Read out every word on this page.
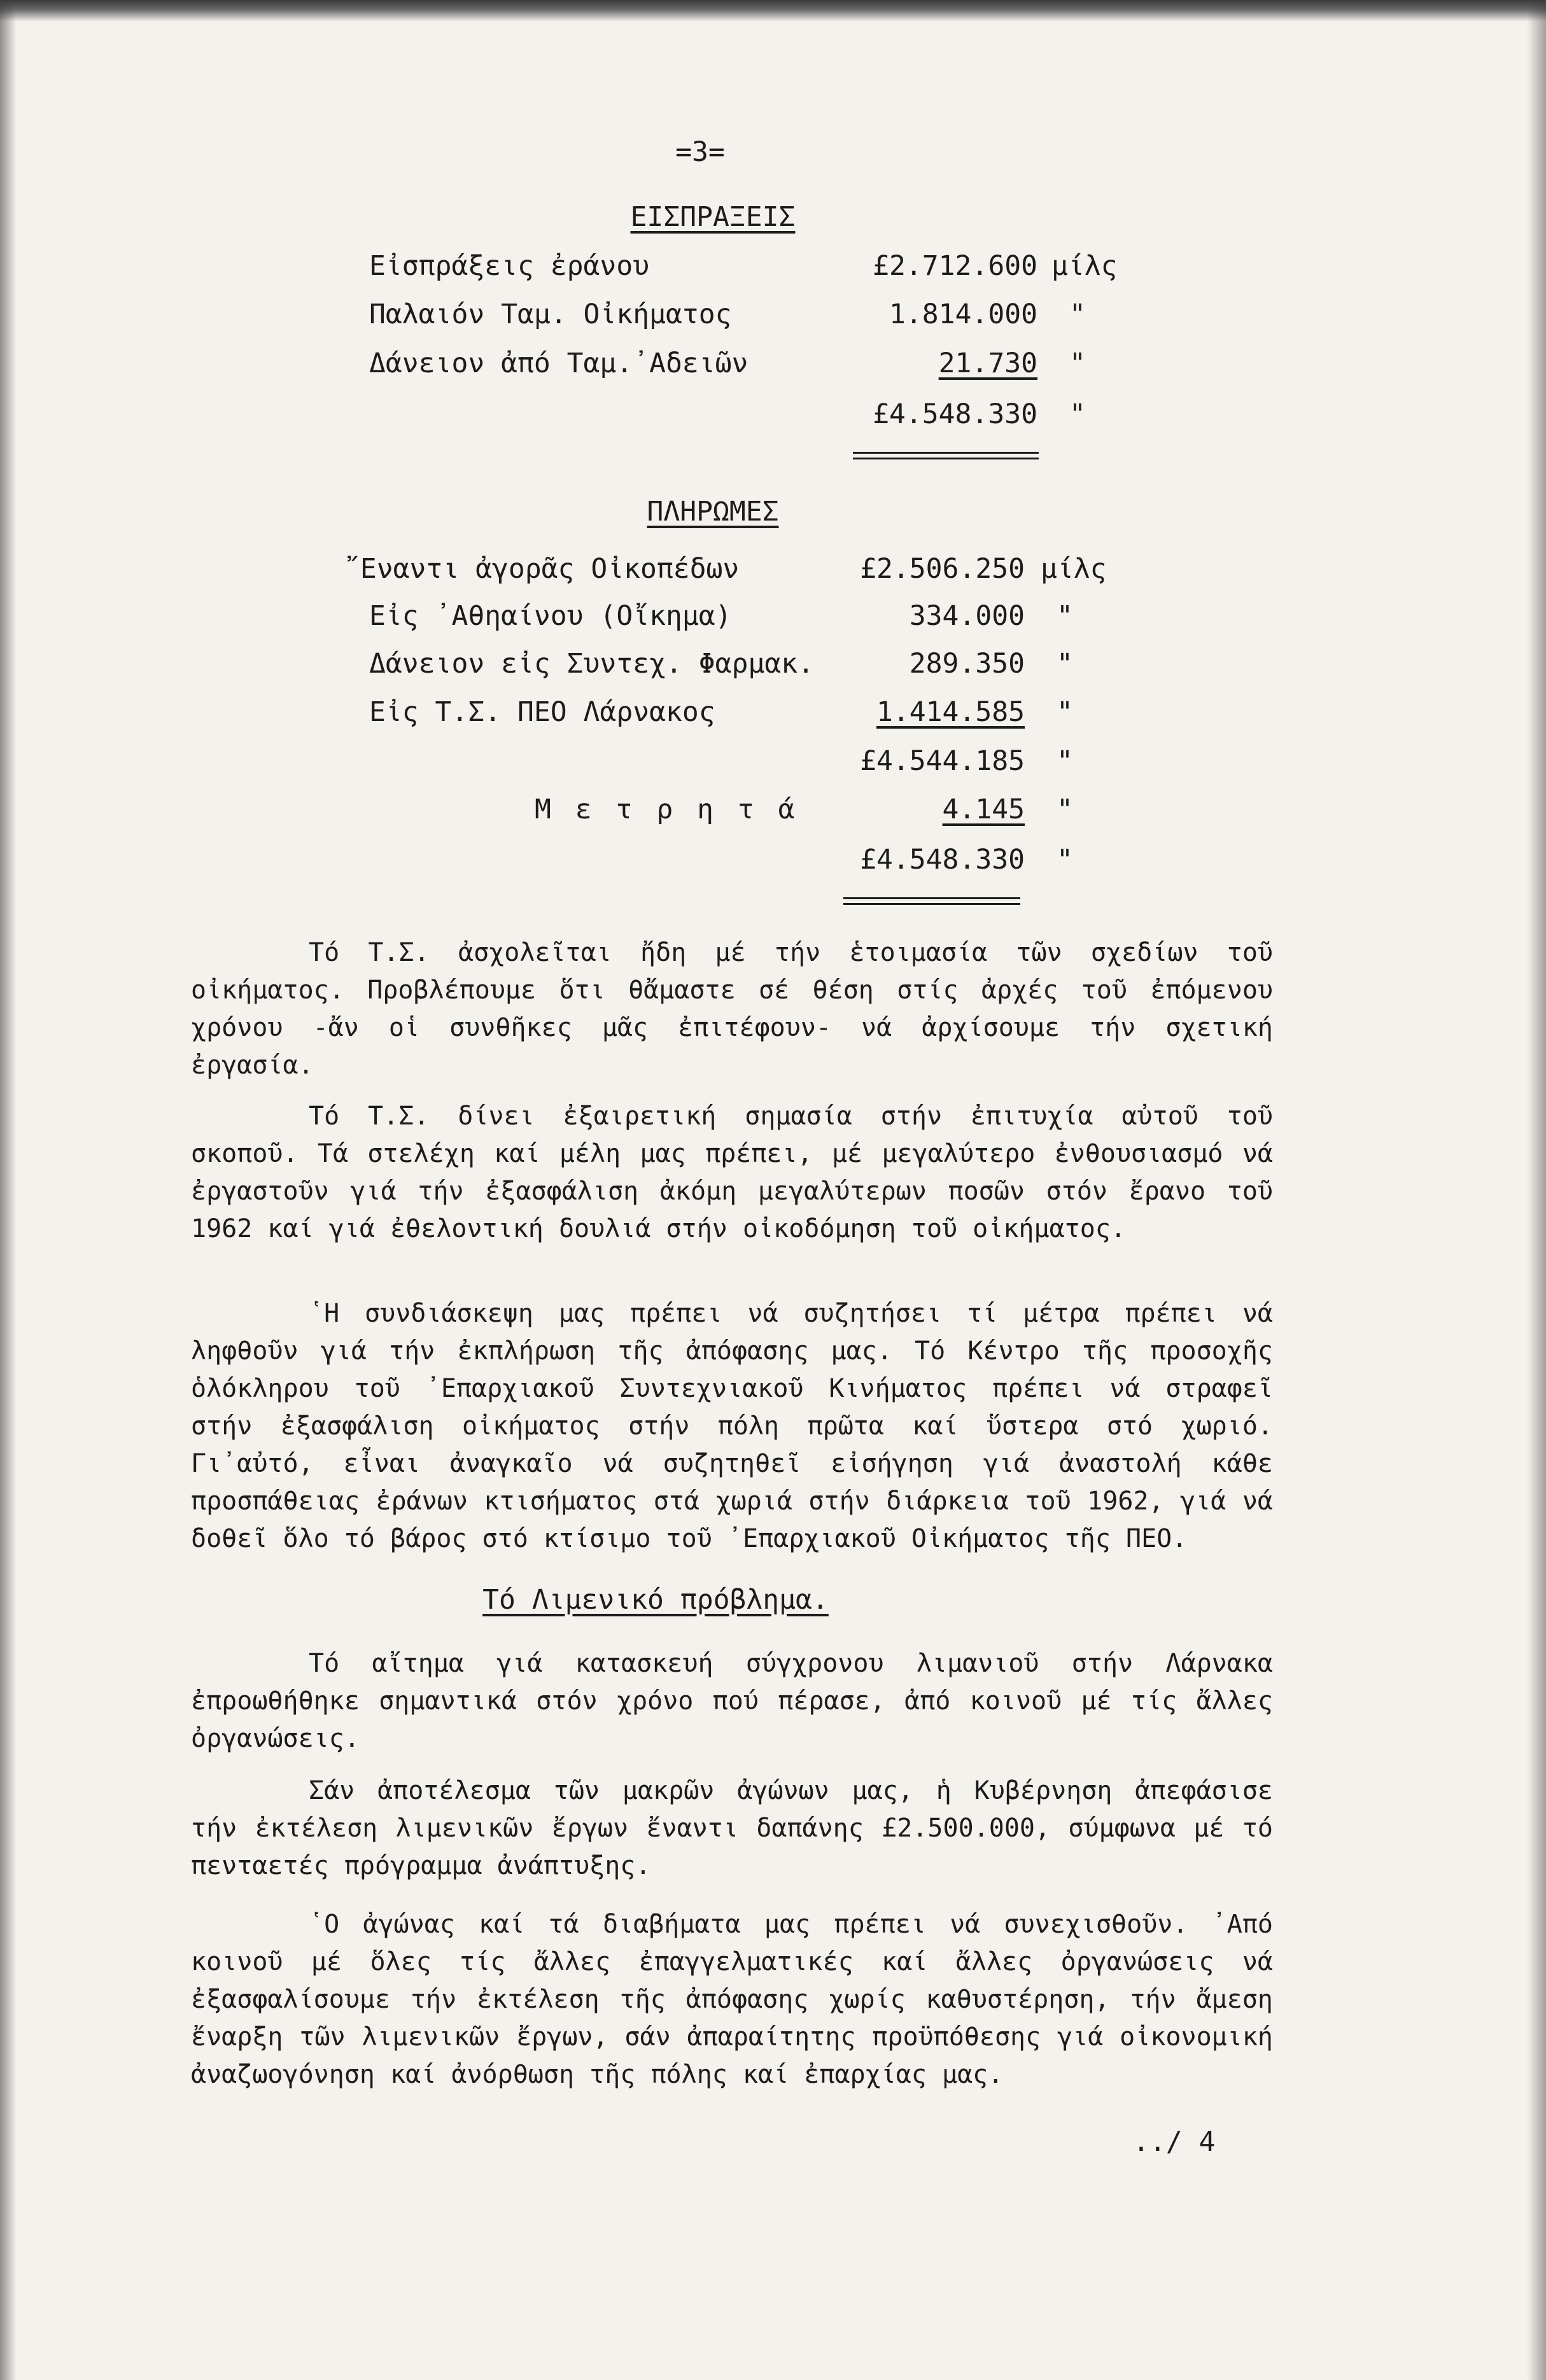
=3=
ΕΙΣΠΡΑΞΕΙΣ
Εἰσπράξεις ἐράνου	£2.712.600 μίλς
Παλαιόν Ταμ. Οἰκήματος	1.814.000 "
Δάνειον ἀπό Ταμ.᾿Αδειῶν	21.730 "
£4.548.330 "
ΠΛΗΡΩΜΕΣ
῎Εναντι ἀγορᾶς Οἰκοπέδων	£2.506.250 μίλς
Εἰς ᾿Αθηαίνου (Οἴκημα)	334.000 "
Δάνειον εἰς Συντεχ. Φαρμακ.	289.350 "
Εἰς Τ.Σ. ΠΕΟ Λάρνακος	1.414.585 "
£4.544.185 "
Μ ε τ ρ η τ ά	4.145 "
£4.548.330 "

Τό Τ.Σ. ἀσχολεῖται ἤδη μέ τήν ἑτοιμασία τῶν σχεδίων τοῦ οἰκήματος. Προβλέπουμε ὅτι θἄμαστε σέ θέση στίς ἀρχές τοῦ ἐπόμενου χρόνου -ἄν οἱ συνθῆκες μᾶς ἐπιτέφουν- νά ἀρχίσουμε τήν σχετική ἐργασία.

Τό Τ.Σ. δίνει ἐξαιρετική σημασία στήν ἐπιτυχία αὐτοῦ τοῦ σκοποῦ. Τά στελέχη καί μέλη μας πρέπει, μέ μεγαλύτερο ἐνθουσιασμό νά ἐργαστοῦν γιά τήν ἐξασφάλιση ἀκόμη μεγαλύτερων ποσῶν στόν ἔρανο τοῦ 1962 καί γιά ἐθελοντική δουλιά στήν οἰκοδόμηση τοῦ οἰκήματος.

῾Η συνδιάσκεψη μας πρέπει νά συζητήσει τί μέτρα πρέπει νά ληφθοῦν γιά τήν ἐκπλήρωση τῆς ἀπόφασης μας. Τό Κέντρο τῆς προσοχῆς ὁλόκληρου τοῦ ᾿Επαρχιακοῦ Συντεχνιακοῦ Κινήματος πρέπει νά στραφεῖ στήν ἐξασφάλιση οἰκήματος στήν πόλη πρῶτα καί ὕστερα στό χωριό. Γι᾿αὐτό, εἶναι ἀναγκαῖο νά συζητηθεῖ εἰσήγηση γιά ἀναστολή κάθε προσπάθειας ἐράνων κτισήματος στά χωριά στήν διάρκεια τοῦ 1962, γιά νά δοθεῖ ὅλο τό βάρος στό κτίσιμο τοῦ ᾿Επαρχιακοῦ Οἰκήματος τῆς ΠΕΟ.

Τό Λιμενικό πρόβλημα.

Τό αἴτημα γιά κατασκευή σύγχρονου λιμανιοῦ στήν Λάρνακα ἐπροωθήθηκε σημαντικά στόν χρόνο πού πέρασε, ἀπό κοινοῦ μέ τίς ἄλλες ὀργανώσεις.

Σάν ἀποτέλεσμα τῶν μακρῶν ἀγώνων μας, ἡ Κυβέρνηση ἀπεφάσισε τήν ἐκτέλεση λιμενικῶν ἔργων ἔναντι δαπάνης £2.500.000, σύμφωνα μέ τό πενταετές πρόγραμμα ἀνάπτυξης.

῾Ο ἀγώνας καί τά διαβήματα μας πρέπει νά συνεχισθοῦν. ᾿Από κοινοῦ μέ ὅλες τίς ἄλλες ἐπαγγελματικές καί ἄλλες ὀργανώσεις νά ἐξασφαλίσουμε τήν ἐκτέλεση τῆς ἀπόφασης χωρίς καθυστέρηση, τήν ἄμεση ἔναρξη τῶν λιμενικῶν ἔργων, σάν ἀπαραίτητης προϋπόθεσης γιά οἰκονομική ἀναζωογόνηση καί ἀνόρθωση τῆς πόλης καί ἐπαρχίας μας.

../ 4
